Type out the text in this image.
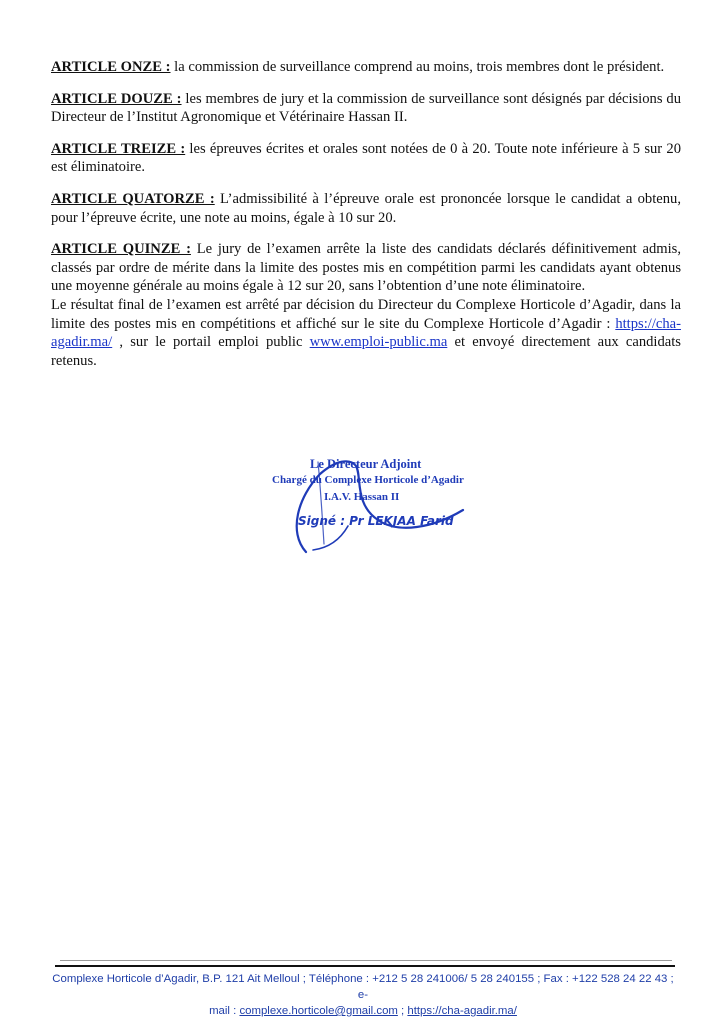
ARTICLE ONZE : la commission de surveillance comprend au moins, trois membres dont le président.

ARTICLE DOUZE : les membres de jury et la commission de surveillance sont désignés par décisions du Directeur de l’Institut Agronomique et Vétérinaire Hassan II.

ARTICLE TREIZE : les épreuves écrites et orales sont notées de 0 à 20. Toute note inférieure à 5 sur 20 est éliminatoire.

ARTICLE QUATORZE : L’admissibilité à l’épreuve orale est prononcée lorsque le candidat a obtenu, pour l’épreuve écrite, une note au moins, égale à 10 sur 20.

ARTICLE QUINZE : Le jury de l’examen arrête la liste des candidats déclarés définitivement admis, classés par ordre de mérite dans la limite des postes mis en compétition parmi les candidats ayant obtenus une moyenne générale au moins égale à 12 sur 20, sans l’obtention d’une note éliminatoire.

Le résultat final de l’examen est arrêté par décision du Directeur du Complexe Horticole d’Agadir, dans la limite des postes mis en compétitions et affiché sur le site du Complexe Horticole d’Agadir : https://cha-agadir.ma/ , sur le portail emploi public www.emploi-public.ma et envoyé directement aux candidats retenus.

Le Directeur Adjoint
Chargé du Complexe Horticole d’Agadir
I.A.V. Hassan II
Signé : Pr LEKJAA Farid
Complexe Horticole d’Agadir, B.P. 121 Ait Melloul ; Téléphone : +212 5 28 241006/ 5 28 240155 ; Fax : +122 528 24 22 43 ; e-
mail : complexe.horticole@gmail.com ; https://cha-agadir.ma/
